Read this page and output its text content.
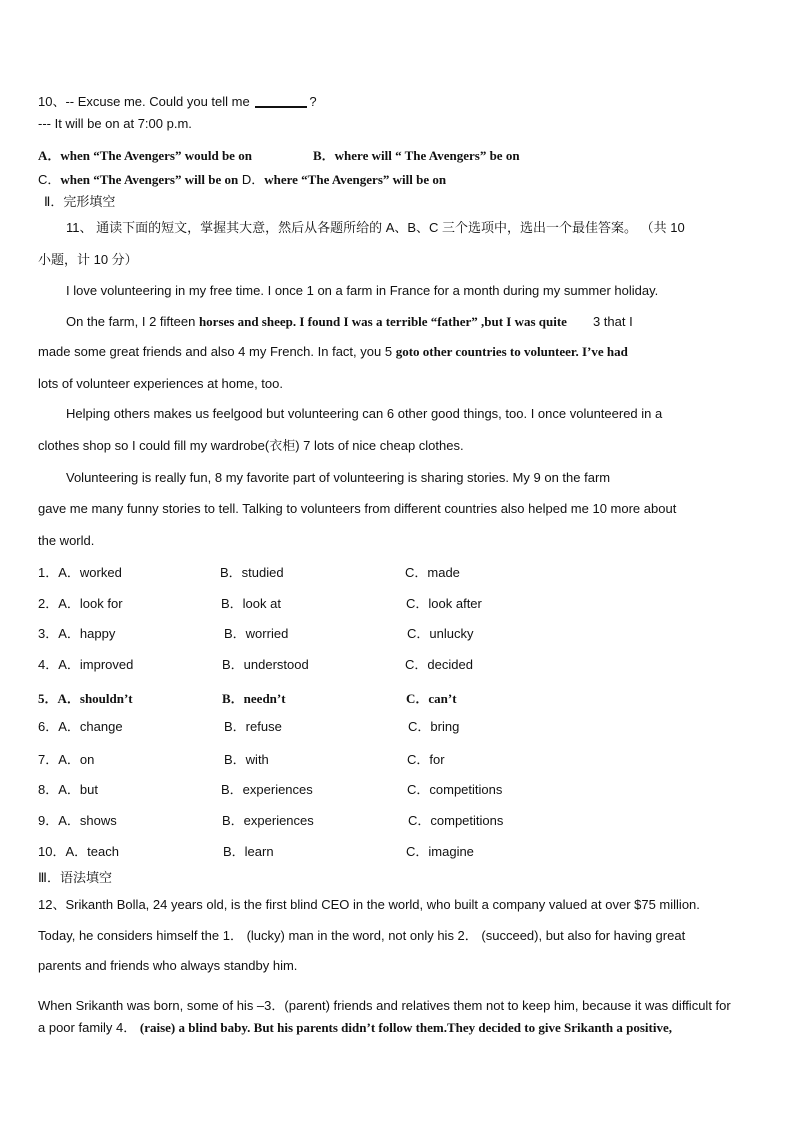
10、-- Excuse me. Could you tell me	?
--- It will be on at 7:00 p.m.
A．when “The Avengers” would be on	B．where will “ The Avengers” be on
C．when “The Avengers” will be on D．where “The Avengers” will be on
Ⅱ．完形填空
11、 通读下面的短文，掌握其大意，然后从各题所给的 A、B、C 三个选项中，选出一个最佳答案。 （共 10
小题，计 10 分）
I love volunteering in my free time. I once 1 on a farm in France for a month during my summer holiday.
On the farm, I 2 fifteen horses and sheep. I found I was a terrible “father” ,but I was quite 3 that I
made some great friends and also 4 my French. In fact, you 5 goto other countries to volunteer. I’ve had
lots of volunteer experiences at home, too.
Helping others makes us feelgood but volunteering can 6 other good things, too. I once volunteered in a
clothes shop so I could fill my wardrobe(衣柜) 7 lots of nice cheap clothes.
Volunteering is really fun, 8 my favorite part of volunteering is sharing stories. My 9 on the farm
gave me many funny stories to tell. Talking to volunteers from different countries also helped me 10 more about
the world.
1．A．worked	B．studied	C．made
2．A．look for	B．look at	C．look after
3．A．happy	B．worried	C．unlucky
4．A．improved	B．understood	C．decided
5．A．shouldn’t	B．needn’t	C．can’t
6．A．change	B．refuse	C．bring
7．A．on	B．with	C．for
8．A．but	B．experiences	C．competitions
9．A．shows	B．experiences	C．competitions
10．A．teach	B．learn	C．imagine
Ⅲ．语法填空
12、Srikanth Bolla, 24 years old, is the first blind CEO in the world, who built a company valued at over $75 million.
Today, he considers himself the 1． (lucky) man in the word, not only his 2． (succeed), but also for having great
parents and friends who always standby him.
When Srikanth was born, some of his –3．(parent) friends and relatives them not to keep him, because it was difficult for
a poor family 4． (raise) a blind baby. But his parents didn’t follow them.They decided to give Srikanth a positive,
